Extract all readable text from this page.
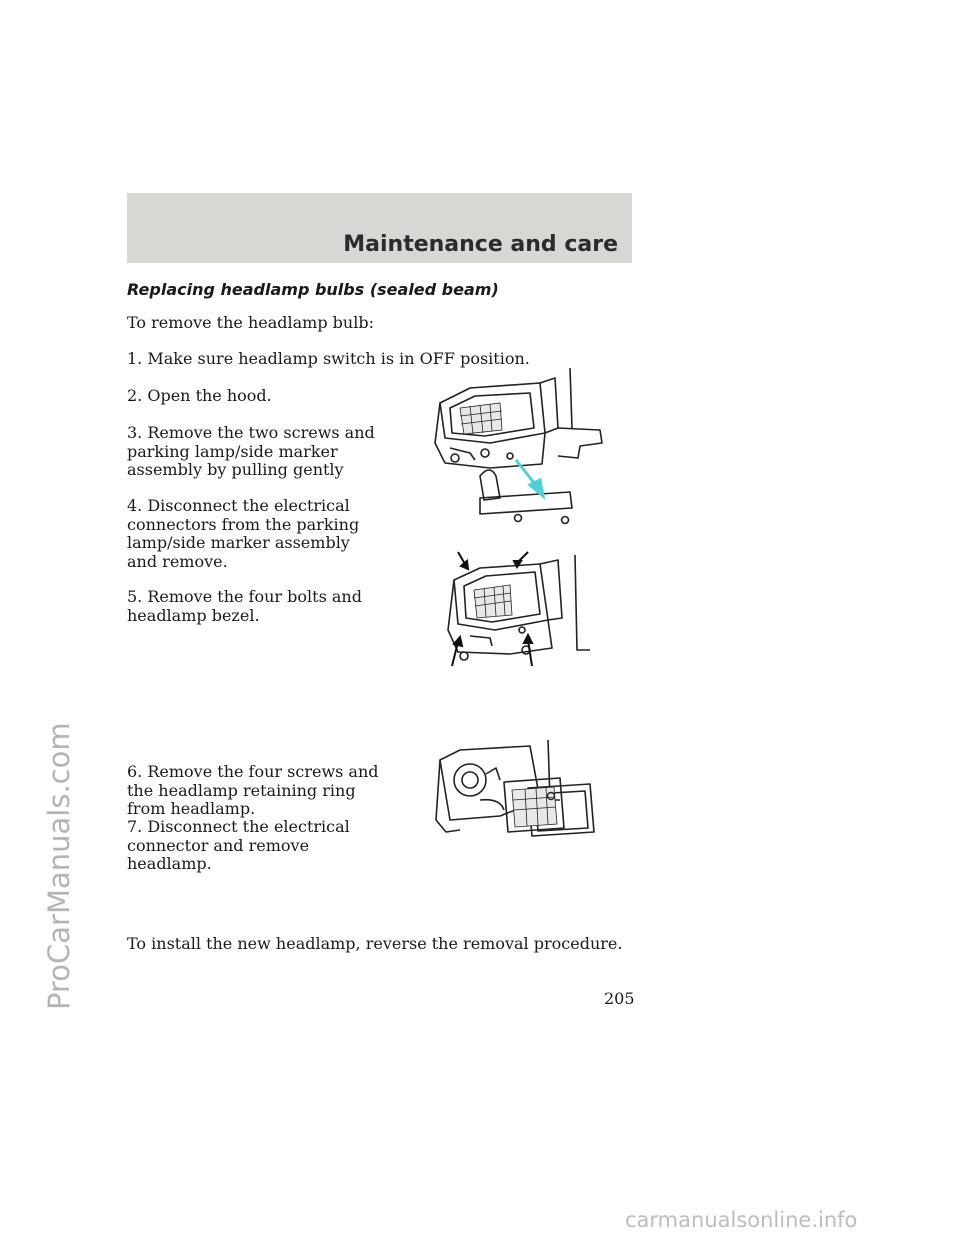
ProCarManuals.com
Maintenance and care
Replacing headlamp bulbs (sealed beam)
To remove the headlamp bulb:
1. Make sure headlamp switch is in OFF position.
2. Open the hood.
3. Remove the two screws and parking lamp/side marker assembly by pulling gently
4. Disconnect the electrical connectors from the parking lamp/side marker assembly and remove.
5. Remove the four bolts and headlamp bezel.
6. Remove the four screws and the headlamp retaining ring from headlamp.
7. Disconnect the electrical connector and remove headlamp.
To install the new headlamp, reverse the removal procedure.
205
carmanualsonline.info
